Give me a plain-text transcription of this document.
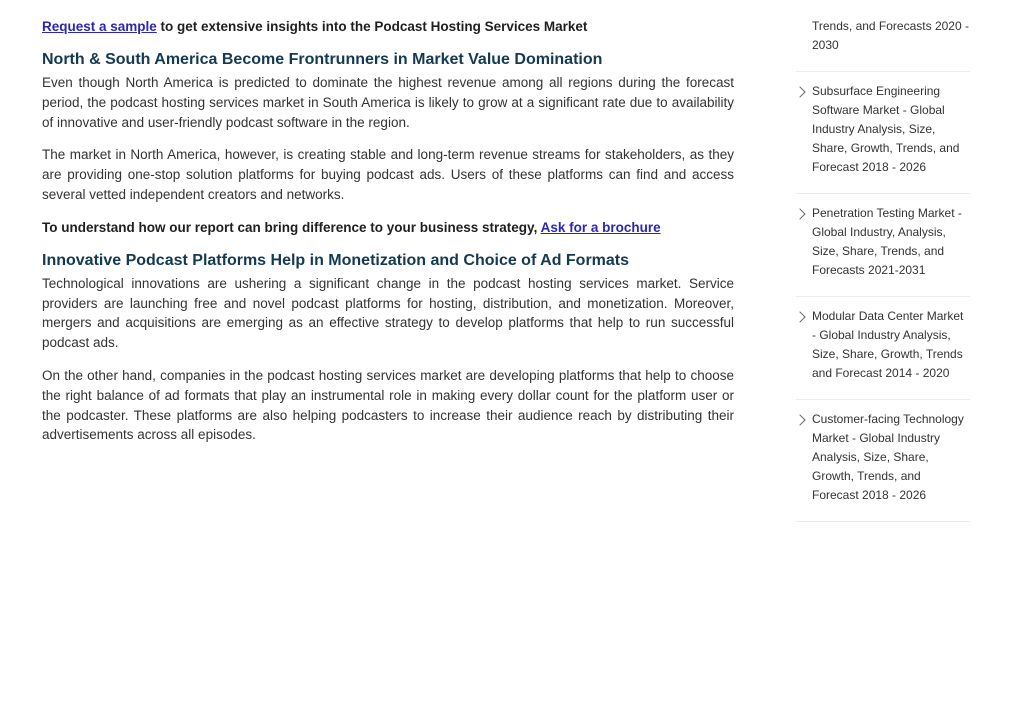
Request a sample to get extensive insights into the Podcast Hosting Services Market
North & South America Become Frontrunners in Market Value Domination

Even though North America is predicted to dominate the highest revenue among all regions during the forecast period, the podcast hosting services market in South America is likely to grow at a significant rate due to availability of innovative and user-friendly podcast software in the region.

The market in North America, however, is creating stable and long-term revenue streams for stakeholders, as they are providing one-stop solution platforms for buying podcast ads. Users of these platforms can find and access several vetted independent creators and networks.

To understand how our report can bring difference to your business strategy, Ask for a brochure
Innovative Podcast Platforms Help in Monetization and Choice of Ad Formats

Technological innovations are ushering a significant change in the podcast hosting services market. Service providers are launching free and novel podcast platforms for hosting, distribution, and monetization. Moreover, mergers and acquisitions are emerging as an effective strategy to develop platforms that help to run successful podcast ads.

On the other hand, companies in the podcast hosting services market are developing platforms that help to choose the right balance of ad formats that play an instrumental role in making every dollar count for the platform user or the podcaster. These platforms are also helping podcasters to increase their audience reach by distributing their advertisements across all episodes.

Trends, and Forecasts 2020 - 2030
Subsurface Engineering Software Market - Global Industry Analysis, Size, Share, Growth, Trends, and Forecast 2018 - 2026
Penetration Testing Market - Global Industry, Analysis, Size, Share, Trends, and Forecasts 2021-2031
Modular Data Center Market - Global Industry Analysis, Size, Share, Growth, Trends and Forecast 2014 - 2020
Customer-facing Technology Market - Global Industry Analysis, Size, Share, Growth, Trends, and Forecast 2018 - 2026
